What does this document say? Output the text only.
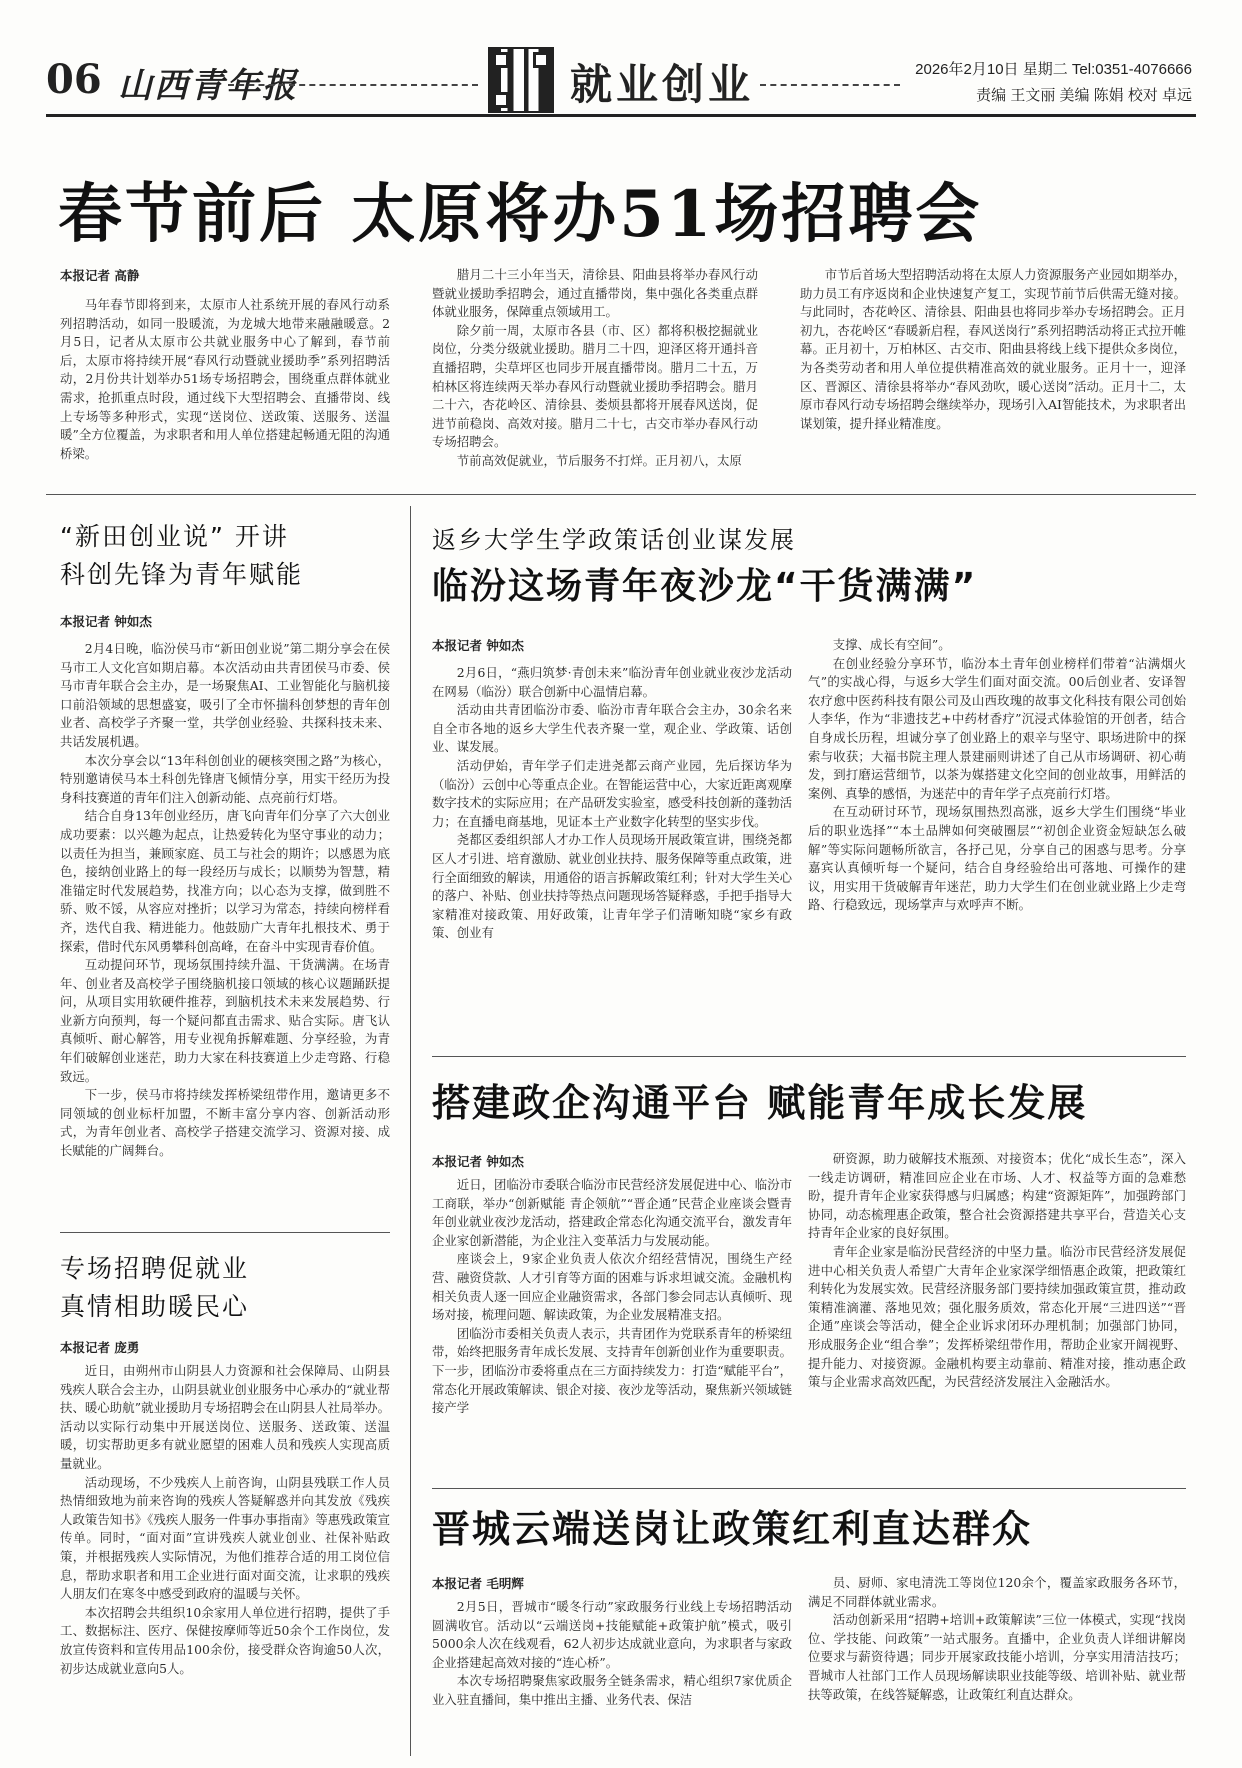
06 山西青年报	就业创业	2026年2月10日 星期二 Tel:0351-4076666
责编 王文丽 美编 陈娟 校对 卓远
春节前后 太原将办51场招聘会
本报记者 高静

马年春节即将到来，太原市人社系统开展的春风行动系列招聘活动，如同一股暖流，为龙城大地带来融融暖意。2月5日，记者从太原市公共就业服务中心了解到，春节前后，太原市将持续开展“春风行动暨就业援助季”系列招聘活动，2月份共计划举办51场专场招聘会，围绕重点群体就业需求，抢抓重点时段，通过线下大型招聘会、直播带岗、线上专场等多种形式，实现“送岗位、送政策、送服务、送温暖”全方位覆盖，为求职者和用人单位搭建起畅通无阻的沟通桥梁。

腊月二十三小年当天，清徐县、阳曲县将举办春风行动暨就业援助季招聘会，通过直播带岗，集中强化各类重点群体就业服务，保障重点领域用工。

除夕前一周，太原市各县（市、区）都将积极挖掘就业岗位，分类分级就业援助。腊月二十四，迎泽区将开通抖音直播招聘，尖草坪区也同步开展直播带岗。腊月二十五，万柏林区将连续两天举办春风行动暨就业援助季招聘会。腊月二十六，杏花岭区、清徐县、娄烦县都将开展春风送岗，促进节前稳岗、高效对接。腊月二十七，古交市举办春风行动专场招聘会。

节前高效促就业，节后服务不打烊。正月初八，太原

市节后首场大型招聘活动将在太原人力资源服务产业园如期举办，助力员工有序返岗和企业快速复产复工，实现节前节后供需无缝对接。与此同时，杏花岭区、清徐县、阳曲县也将同步举办专场招聘会。正月初九，杏花岭区“春暖新启程，春风送岗行”系列招聘活动将正式拉开帷幕。正月初十，万柏林区、古交市、阳曲县将线上线下提供众多岗位，为各类劳动者和用人单位提供精准高效的就业服务。正月十一，迎泽区、晋源区、清徐县将举办“春风劲吹，暖心送岗”活动。正月十二，太原市春风行动专场招聘会继续举办，现场引入AI智能技术，为求职者出谋划策，提升择业精准度。

“新田创业说” 开讲
科创先锋为青年赋能
本报记者 钟如杰

2月4日晚，临汾侯马市“新田创业说”第二期分享会在侯马市工人文化宫如期启幕。本次活动由共青团侯马市委、侯马市青年联合会主办，是一场聚焦AI、工业智能化与脑机接口前沿领域的思想盛宴，吸引了全市怀揣科创梦想的青年创业者、高校学子齐聚一堂，共学创业经验、共探科技未来、共话发展机遇。

本次分享会以“13年科创创业的硬核突围之路”为核心，特别邀请侯马本土科创先锋唐飞倾情分享，用实干经历为投身科技赛道的青年们注入创新动能、点亮前行灯塔。

结合自身13年创业经历，唐飞向青年们分享了六大创业成功要素：以兴趣为起点，让热爱转化为坚守事业的动力；以责任为担当，兼顾家庭、员工与社会的期许；以感恩为底色，接纳创业路上的每一段经历与成长；以顺势为智慧，精准锚定时代发展趋势，找准方向；以心态为支撑，做到胜不骄、败不馁，从容应对挫折；以学习为常态，持续向榜样看齐，迭代自我、精进能力。他鼓励广大青年扎根技术、勇于探索，借时代东风勇攀科创高峰，在奋斗中实现青春价值。

互动提问环节，现场氛围持续升温、干货满满。在场青年、创业者及高校学子围绕脑机接口领域的核心议题踊跃提问，从项目实用软硬件推荐，到脑机技术未来发展趋势、行业新方向预判，每一个疑问都直击需求、贴合实际。唐飞认真倾听、耐心解答，用专业视角拆解难题、分享经验，为青年们破解创业迷茫，助力大家在科技赛道上少走弯路、行稳致远。

下一步，侯马市将持续发挥桥梁纽带作用，邀请更多不同领域的创业标杆加盟，不断丰富分享内容、创新活动形式，为青年创业者、高校学子搭建交流学习、资源对接、成长赋能的广阔舞台。

专场招聘促就业
真情相助暖民心
本报记者 庞勇

近日，由朔州市山阴县人力资源和社会保障局、山阴县残疾人联合会主办，山阴县就业创业服务中心承办的“就业帮扶、暖心助航”就业援助月专场招聘会在山阴县人社局举办。活动以实际行动集中开展送岗位、送服务、送政策、送温暖，切实帮助更多有就业愿望的困难人员和残疾人实现高质量就业。

活动现场，不少残疾人上前咨询，山阴县残联工作人员热情细致地为前来咨询的残疾人答疑解惑并向其发放《残疾人政策告知书》《残疾人服务一件事办事指南》等惠残政策宣传单。同时，“面对面”宣讲残疾人就业创业、社保补贴政策，并根据残疾人实际情况，为他们推荐合适的用工岗位信息，帮助求职者和用工企业进行面对面交流，让求职的残疾人朋友们在寒冬中感受到政府的温暖与关怀。

本次招聘会共组织10余家用人单位进行招聘，提供了手工、数据标注、医疗、保健按摩师等近50余个工作岗位，发放宣传资料和宣传用品100余份，接受群众咨询逾50人次，初步达成就业意向5人。

返乡大学生学政策话创业谋发展
临汾这场青年夜沙龙“干货满满”
本报记者 钟如杰

2月6日，“燕归筑梦·青创未来”临汾青年创业就业夜沙龙活动在网易（临汾）联合创新中心温情启幕。

活动由共青团临汾市委、临汾市青年联合会主办，30余名来自全市各地的返乡大学生代表齐聚一堂，观企业、学政策、话创业、谋发展。

活动伊始，青年学子们走进尧都云商产业园，先后探访华为（临汾）云创中心等重点企业。在智能运营中心，大家近距离观摩数字技术的实际应用；在产品研发实验室，感受科技创新的蓬勃活力；在直播电商基地，见证本土产业数字化转型的坚实步伐。

尧都区委组织部人才办工作人员现场开展政策宣讲，围绕尧都区人才引进、培育激励、就业创业扶持、服务保障等重点政策，进行全面细致的解读，用通俗的语言拆解政策红利；针对大学生关心的落户、补贴、创业扶持等热点问题现场答疑释惑，手把手指导大家精准对接政策、用好政策，让青年学子们清晰知晓“家乡有政策、创业有

支撑、成长有空间”。

在创业经验分享环节，临汾本土青年创业榜样们带着“沾满烟火气”的实战心得，与返乡大学生们面对面交流。00后创业者、安译智农疗愈中医药科技有限公司及山西玫瑰的故事文化科技有限公司创始人李华，作为“非遗技艺+中药材香疗”沉浸式体验馆的开创者，结合自身成长历程，坦诚分享了创业路上的艰辛与坚守、职场进阶中的探索与收获；大福书院主理人景建丽则讲述了自己从市场调研、初心萌发，到打磨运营细节，以茶为媒搭建文化空间的创业故事，用鲜活的案例、真挚的感悟，为迷茫中的青年学子点亮前行灯塔。

在互动研讨环节，现场氛围热烈高涨，返乡大学生们围绕“毕业后的职业选择”“本土品牌如何突破圈层”“初创企业资金短缺怎么破解”等实际问题畅所欲言，各抒己见，分享自己的困惑与思考。分享嘉宾认真倾听每一个疑问，结合自身经验给出可落地、可操作的建议，用实用干货破解青年迷茫，助力大学生们在创业就业路上少走弯路、行稳致远，现场掌声与欢呼声不断。

搭建政企沟通平台 赋能青年成长发展
本报记者 钟如杰

近日，团临汾市委联合临汾市民营经济发展促进中心、临汾市工商联，举办“创新赋能 青企领航”“晋企通”民营企业座谈会暨青年创业就业夜沙龙活动，搭建政企常态化沟通交流平台，激发青年企业家创新潜能，为企业注入变革活力与发展动能。

座谈会上，9家企业负责人依次介绍经营情况，围绕生产经营、融资贷款、人才引育等方面的困难与诉求坦诚交流。金融机构相关负责人逐一回应企业融资需求，各部门参会同志认真倾听、现场对接，梳理问题、解读政策，为企业发展精准支招。

团临汾市委相关负责人表示，共青团作为党联系青年的桥梁纽带，始终把服务青年成长发展、支持青年创新创业作为重要职责。下一步，团临汾市委将重点在三方面持续发力：打造“赋能平台”，常态化开展政策解读、银企对接、夜沙龙等活动，聚焦新兴领域链接产学

研资源，助力破解技术瓶颈、对接资本；优化“成长生态”，深入一线走访调研，精准回应企业在市场、人才、权益等方面的急难愁盼，提升青年企业家获得感与归属感；构建“资源矩阵”，加强跨部门协同，动态梳理惠企政策，整合社会资源搭建共享平台，营造关心支持青年企业家的良好氛围。

青年企业家是临汾民营经济的中坚力量。临汾市民营经济发展促进中心相关负责人希望广大青年企业家深学细悟惠企政策，把政策红利转化为发展实效。民营经济服务部门要持续加强政策宣贯，推动政策精准滴灌、落地见效；强化服务质效，常态化开展“三进四送”“晋企通”座谈会等活动，健全企业诉求闭环办理机制；加强部门协同，形成服务企业“组合拳”；发挥桥梁纽带作用，帮助企业家开阔视野、提升能力、对接资源。金融机构要主动靠前、精准对接，推动惠企政策与企业需求高效匹配，为民营经济发展注入金融活水。

晋城云端送岗让政策红利直达群众
本报记者 毛明辉

2月5日，晋城市“暖冬行动”家政服务行业线上专场招聘活动圆满收官。活动以“云端送岗+技能赋能+政策护航”模式，吸引5000余人次在线观看，62人初步达成就业意向，为求职者与家政企业搭建起高效对接的“连心桥”。

本次专场招聘聚焦家政服务全链条需求，精心组织7家优质企业入驻直播间，集中推出主播、业务代表、保洁

员、厨师、家电清洗工等岗位120余个，覆盖家政服务各环节，满足不同群体就业需求。

活动创新采用“招聘+培训+政策解读”三位一体模式，实现“找岗位、学技能、问政策”一站式服务。直播中，企业负责人详细讲解岗位要求与薪资待遇；同步开展家政技能小培训，分享实用清洁技巧；晋城市人社部门工作人员现场解读职业技能等级、培训补贴、就业帮扶等政策，在线答疑解惑，让政策红利直达群众。
